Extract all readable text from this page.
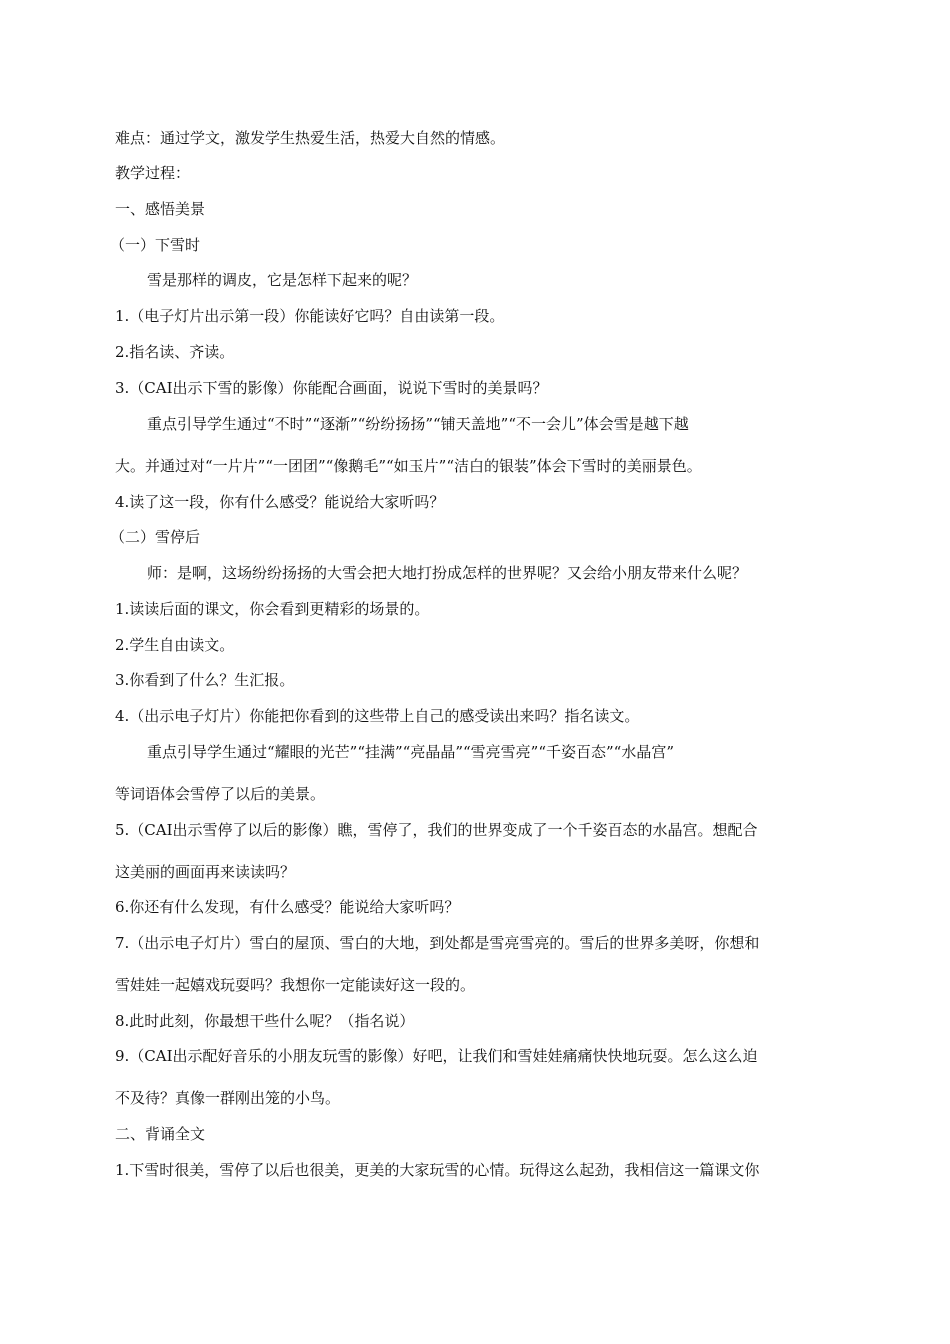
难点：通过学文，激发学生热爱生活，热爱大自然的情感。
教学过程：
一、感悟美景
（一）下雪时
雪是那样的调皮，它是怎样下起来的呢？
1.（电子灯片出示第一段）你能读好它吗？自由读第一段。
2.指名读、齐读。
3.（CAI出示下雪的影像）你能配合画面，说说下雪时的美景吗？
重点引导学生通过“不时”“逐渐”“纷纷扬扬”“铺天盖地”“不一会儿”体会雪是越下越
大。并通过对“一片片”“一团团”“像鹅毛”“如玉片”“洁白的银装”体会下雪时的美丽景色。
4.读了这一段，你有什么感受？能说给大家听吗？
（二）雪停后
师：是啊，这场纷纷扬扬的大雪会把大地打扮成怎样的世界呢？又会给小朋友带来什么呢？
1.读读后面的课文，你会看到更精彩的场景的。
2.学生自由读文。
3.你看到了什么？生汇报。
4.（出示电子灯片）你能把你看到的这些带上自己的感受读出来吗？指名读文。
重点引导学生通过“耀眼的光芒”“挂满”“亮晶晶”“雪亮雪亮”“千姿百态”“水晶宫”
等词语体会雪停了以后的美景。
5.（CAI出示雪停了以后的影像）瞧，雪停了，我们的世界变成了一个千姿百态的水晶宫。想配合
这美丽的画面再来读读吗？
6.你还有什么发现，有什么感受？能说给大家听吗？
7.（出示电子灯片）雪白的屋顶、雪白的大地，到处都是雪亮雪亮的。雪后的世界多美呀，你想和
雪娃娃一起嬉戏玩耍吗？我想你一定能读好这一段的。
8.此时此刻，你最想干些什么呢？（指名说）
9.（CAI出示配好音乐的小朋友玩雪的影像）好吧，让我们和雪娃娃痛痛快快地玩耍。怎么这么迫
不及待？真像一群刚出笼的小鸟。
二、背诵全文
1.下雪时很美，雪停了以后也很美，更美的大家玩雪的心情。玩得这么起劲，我相信这一篇课文你
